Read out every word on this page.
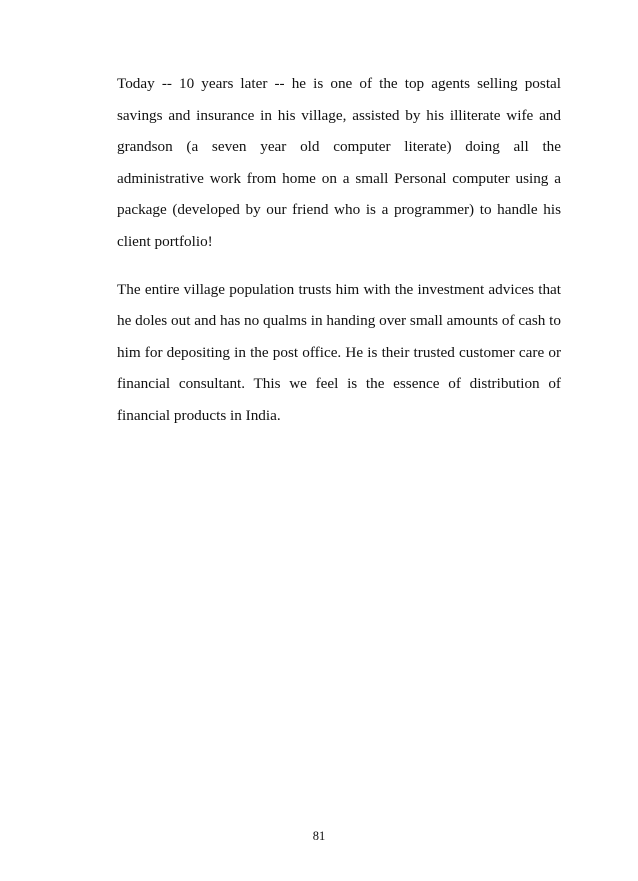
Today -- 10 years later -- he is one of the top agents selling postal savings and insurance in his village, assisted by his illiterate wife and grandson (a seven year old computer literate) doing all the administrative work from home on a small Personal computer using a package (developed by our friend who is a programmer) to handle his client portfolio!

The entire village population trusts him with the investment advices that he doles out and has no qualms in handing over small amounts of cash to him for depositing in the post office. He is their trusted customer care or financial consultant. This we feel is the essence of distribution of financial products in India.

81
